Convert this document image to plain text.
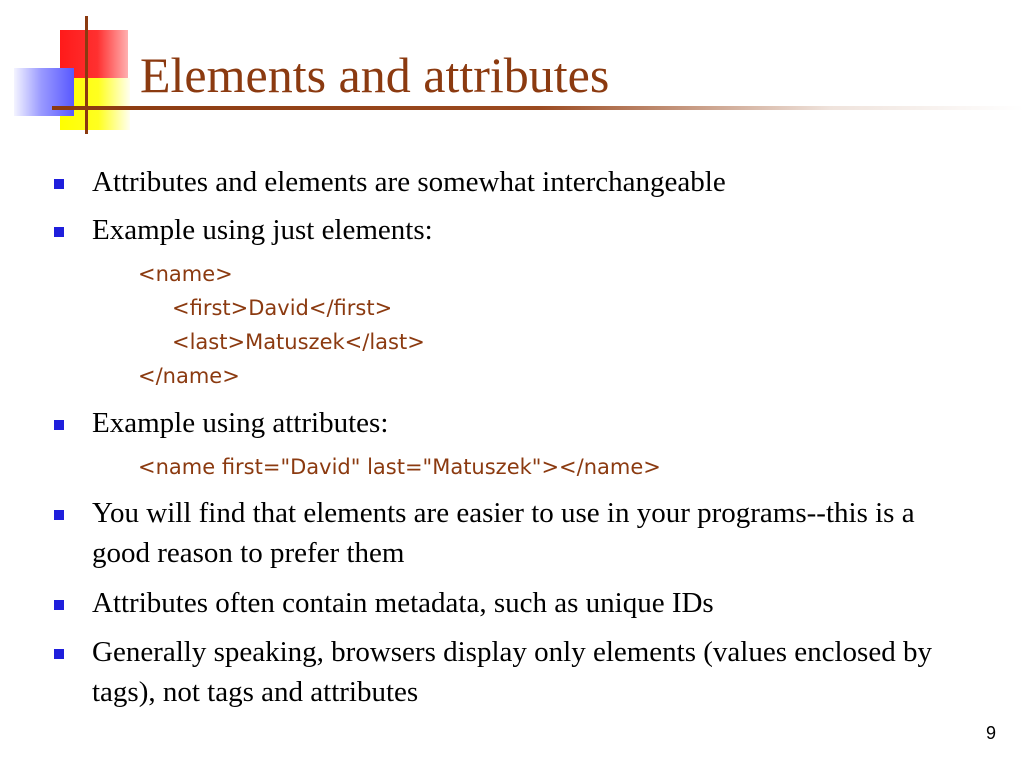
Elements and attributes
Attributes and elements are somewhat interchangeable
Example using just elements:
<name>
<first>David</first>
<last>Matuszek</last>
</name>
Example using attributes:
<name first="David" last="Matuszek"></name>
You will find that elements are easier to use in your programs--this is a good reason to prefer them
Attributes often contain metadata, such as unique IDs
Generally speaking, browsers display only elements (values enclosed by tags), not tags and attributes
9
